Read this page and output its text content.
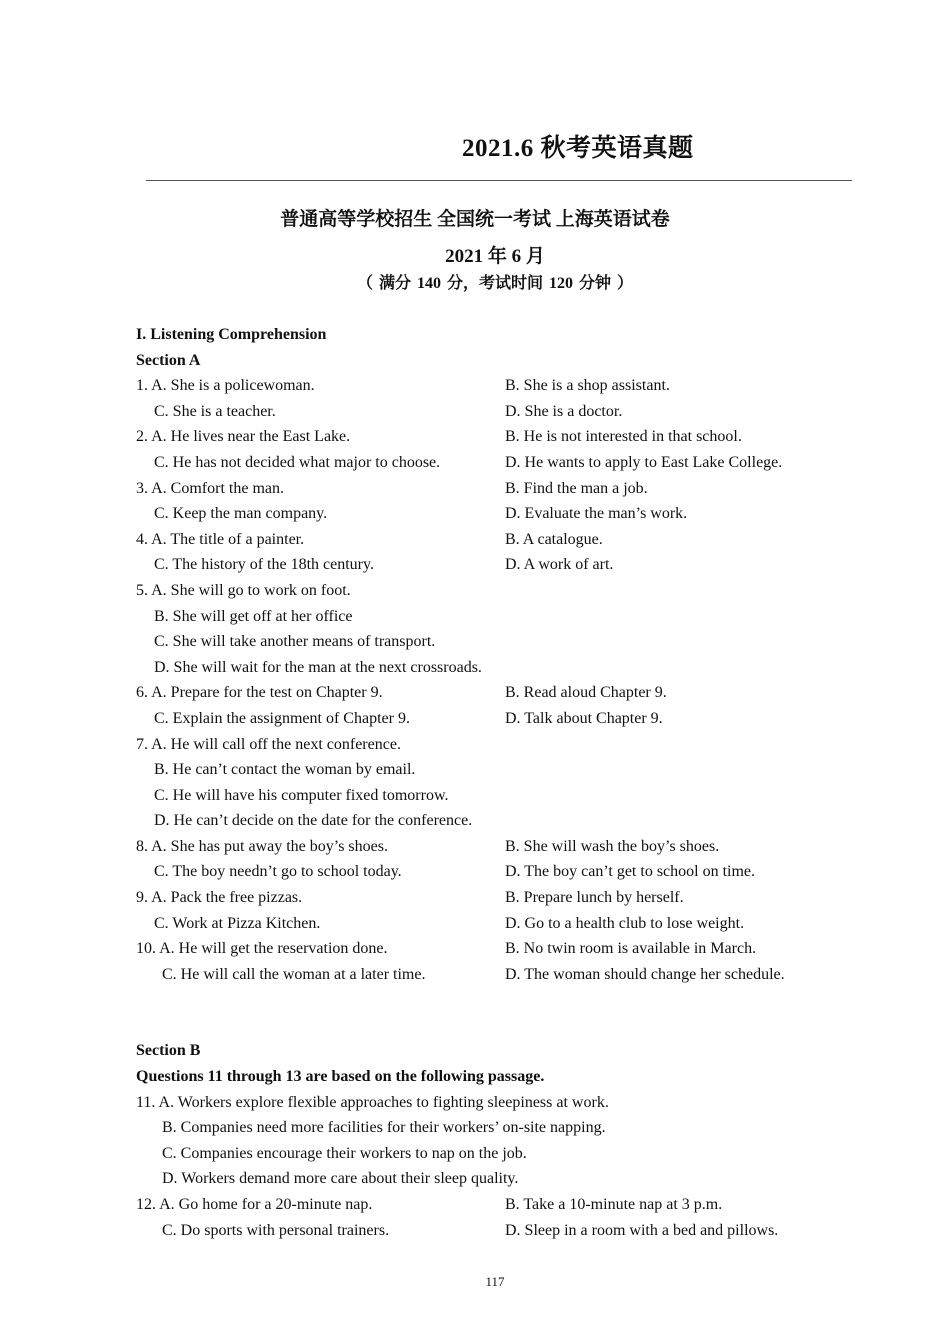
2021.6 秋考英语真题
普通高等学校招生 全国统一考试 上海英语试卷
2021 年 6 月
（ 满分 140 分，考试时间 120 分钟 ）
I. Listening Comprehension
Section A
1. A. She is a policewoman.	B. She is a shop assistant.
C. She is a teacher.	D. She is a doctor.
2. A. He lives near the East Lake.	B. He is not interested in that school.
C. He has not decided what major to choose.	D. He wants to apply to East Lake College.
3. A. Comfort the man.	B. Find the man a job.
C. Keep the man company.	D. Evaluate the man’s work.
4. A. The title of a painter.	B. A catalogue.
C. The history of the 18th century.	D. A work of art.
5. A. She will go to work on foot.
B. She will get off at her office
C. She will take another means of transport.
D. She will wait for the man at the next crossroads.
6. A. Prepare for the test on Chapter 9.	B. Read aloud Chapter 9.
C. Explain the assignment of Chapter 9.	D. Talk about Chapter 9.
7. A. He will call off the next conference.
B. He can’t contact the woman by email.
C. He will have his computer fixed tomorrow.
D. He can’t decide on the date for the conference.
8. A. She has put away the boy’s shoes.	B. She will wash the boy’s shoes.
C. The boy needn’t go to school today.	D. The boy can’t get to school on time.
9. A. Pack the free pizzas.	B. Prepare lunch by herself.
C. Work at Pizza Kitchen.	D. Go to a health club to lose weight.
10. A. He will get the reservation done.	B. No twin room is available in March.
C. He will call the woman at a later time.	D. The woman should change her schedule.
Section B
Questions 11 through 13 are based on the following passage.
11. A. Workers explore flexible approaches to fighting sleepiness at work.
B. Companies need more facilities for their workers’ on-site napping.
C. Companies encourage their workers to nap on the job.
D. Workers demand more care about their sleep quality.
12. A. Go home for a 20-minute nap.	B. Take a 10-minute nap at 3 p.m.
C. Do sports with personal trainers.	D. Sleep in a room with a bed and pillows.
117
